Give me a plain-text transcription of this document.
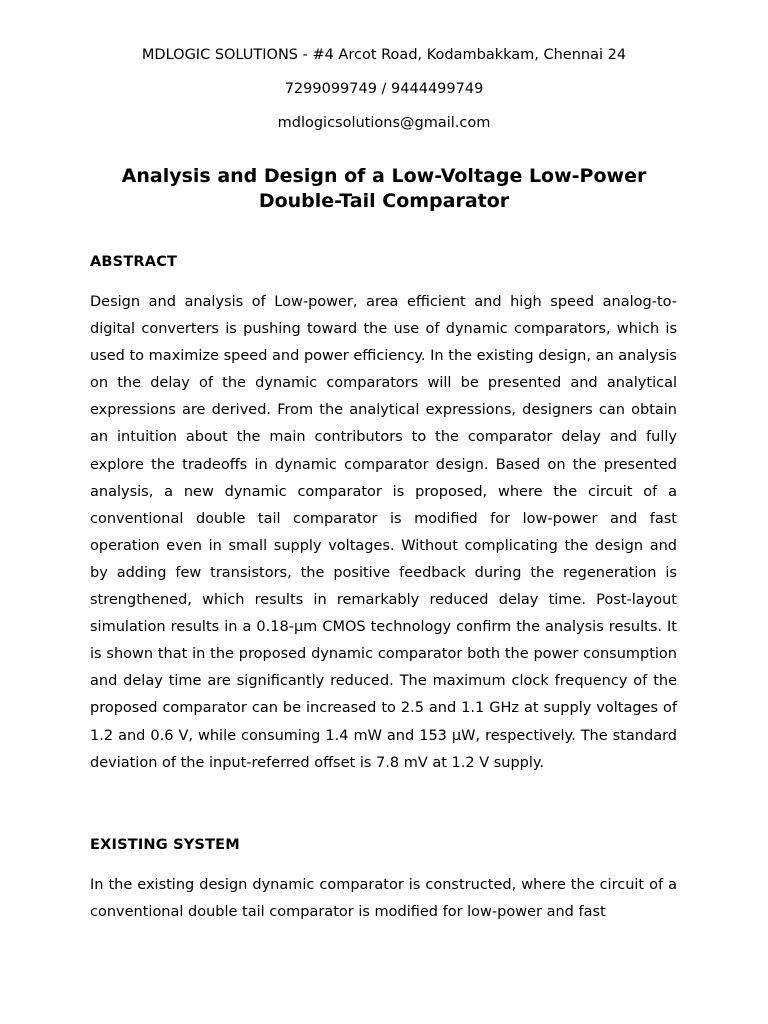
MDLOGIC SOLUTIONS - #4 Arcot Road, Kodambakkam, Chennai 24

7299099749 / 9444499749

mdlogicsolutions@gmail.com

Analysis and Design of a Low-Voltage Low-Power
Double-Tail Comparator
ABSTRACT

Design and analysis of Low-power, area efficient and high speed analog-to-digital converters is pushing toward the use of dynamic comparators, which is used to maximize speed and power efficiency. In the existing design, an analysis on the delay of the dynamic comparators will be presented and analytical expressions are derived. From the analytical expressions, designers can obtain an intuition about the main contributors to the comparator delay and fully explore the tradeoffs in dynamic comparator design. Based on the presented analysis, a new dynamic comparator is proposed, where the circuit of a conventional double tail comparator is modified for low-power and fast operation even in small supply voltages. Without complicating the design and by adding few transistors, the positive feedback during the regeneration is strengthened, which results in remarkably reduced delay time. Post-layout simulation results in a 0.18-μm CMOS technology confirm the analysis results. It is shown that in the proposed dynamic comparator both the power consumption and delay time are significantly reduced. The maximum clock frequency of the proposed comparator can be increased to 2.5 and 1.1 GHz at supply voltages of 1.2 and 0.6 V, while consuming 1.4 mW and 153 μW, respectively. The standard deviation of the input-referred offset is 7.8 mV at 1.2 V supply.

EXISTING SYSTEM

In the existing design dynamic comparator is constructed, where the circuit of a conventional double tail comparator is modified for low-power and fast
